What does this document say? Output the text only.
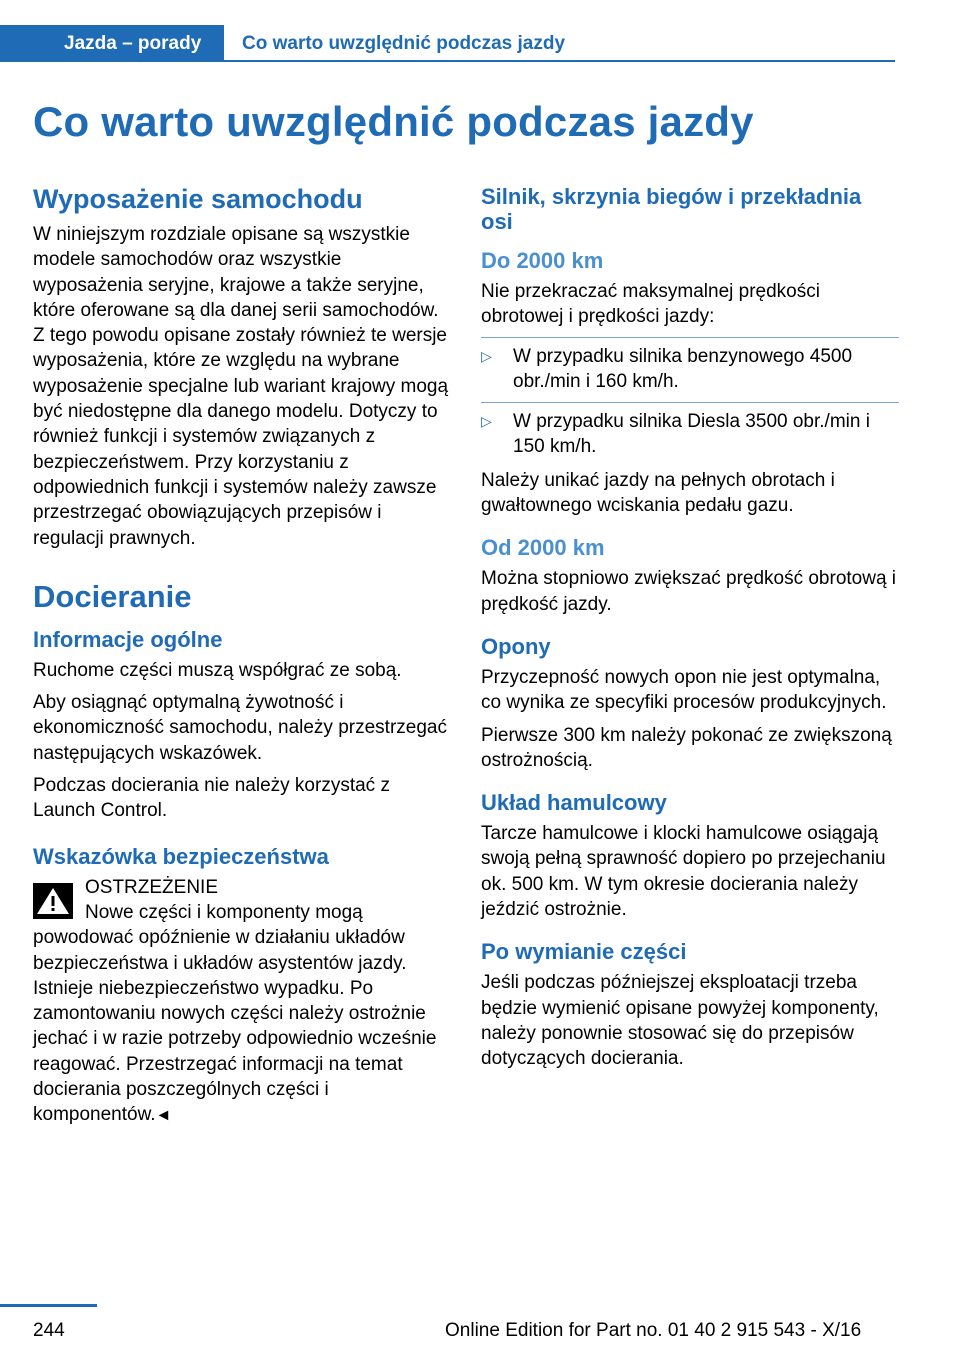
Jazda – porady	Co warto uwzględnić podczas jazdy
Co warto uwzględnić podczas jazdy
Wyposażenie samochodu

W niniejszym rozdziale opisane są wszystkie modele samochodów oraz wszystkie wyposażenia seryjne, krajowe a także seryjne, które oferowane są dla danej serii samochodów. Z tego powodu opisane zostały również te wersje wyposażenia, które ze względu na wybrane wyposażenie specjalne lub wariant krajowy mogą być niedostępne dla danego modelu. Dotyczy to również funkcji i systemów związanych z bezpieczeństwem. Przy korzystaniu z odpowiednich funkcji i systemów należy zawsze przestrzegać obowiązujących przepisów i regulacji prawnych.

Docieranie
Informacje ogólne

Ruchome części muszą współgrać ze sobą.

Aby osiągnąć optymalną żywotność i ekonomiczność samochodu, należy przestrzegać następujących wskazówek.

Podczas docierania nie należy korzystać z Launch Control.

Wskazówka bezpieczeństwa
OSTRZEŻENIE

Nowe części i komponenty mogą powodować opóźnienie w działaniu układów bezpieczeństwa i układów asystentów jazdy. Istnieje niebezpieczeństwo wypadku. Po zamontowaniu nowych części należy ostrożnie jechać i w razie potrzeby odpowiednio wcześnie reagować. Przestrzegać informacji na temat docierania poszczególnych części i komponentów.◄

Silnik, skrzynia biegów i przekładnia osi
Do 2000 km

Nie przekraczać maksymalnej prędkości obrotowej i prędkości jazdy:

▷ W przypadku silnika benzynowego 4500 obr./min i 160 km/h.
▷ W przypadku silnika Diesla 3500 obr./min i 150 km/h.

Należy unikać jazdy na pełnych obrotach i gwałtownego wciskania pedału gazu.

Od 2000 km

Można stopniowo zwiększać prędkość obrotową i prędkość jazdy.

Opony

Przyczepność nowych opon nie jest optymalna, co wynika ze specyfiki procesów produkcyjnych.

Pierwsze 300 km należy pokonać ze zwiększoną ostrożnością.

Układ hamulcowy

Tarcze hamulcowe i klocki hamulcowe osiągają swoją pełną sprawność dopiero po przejechaniu ok. 500 km. W tym okresie docierania należy jeździć ostrożnie.

Po wymianie części

Jeśli podczas późniejszej eksploatacji trzeba będzie wymienić opisane powyżej komponenty, należy ponownie stosować się do przepisów dotyczących docierania.

244	Online Edition for Part no. 01 40 2 915 543 - X/16
